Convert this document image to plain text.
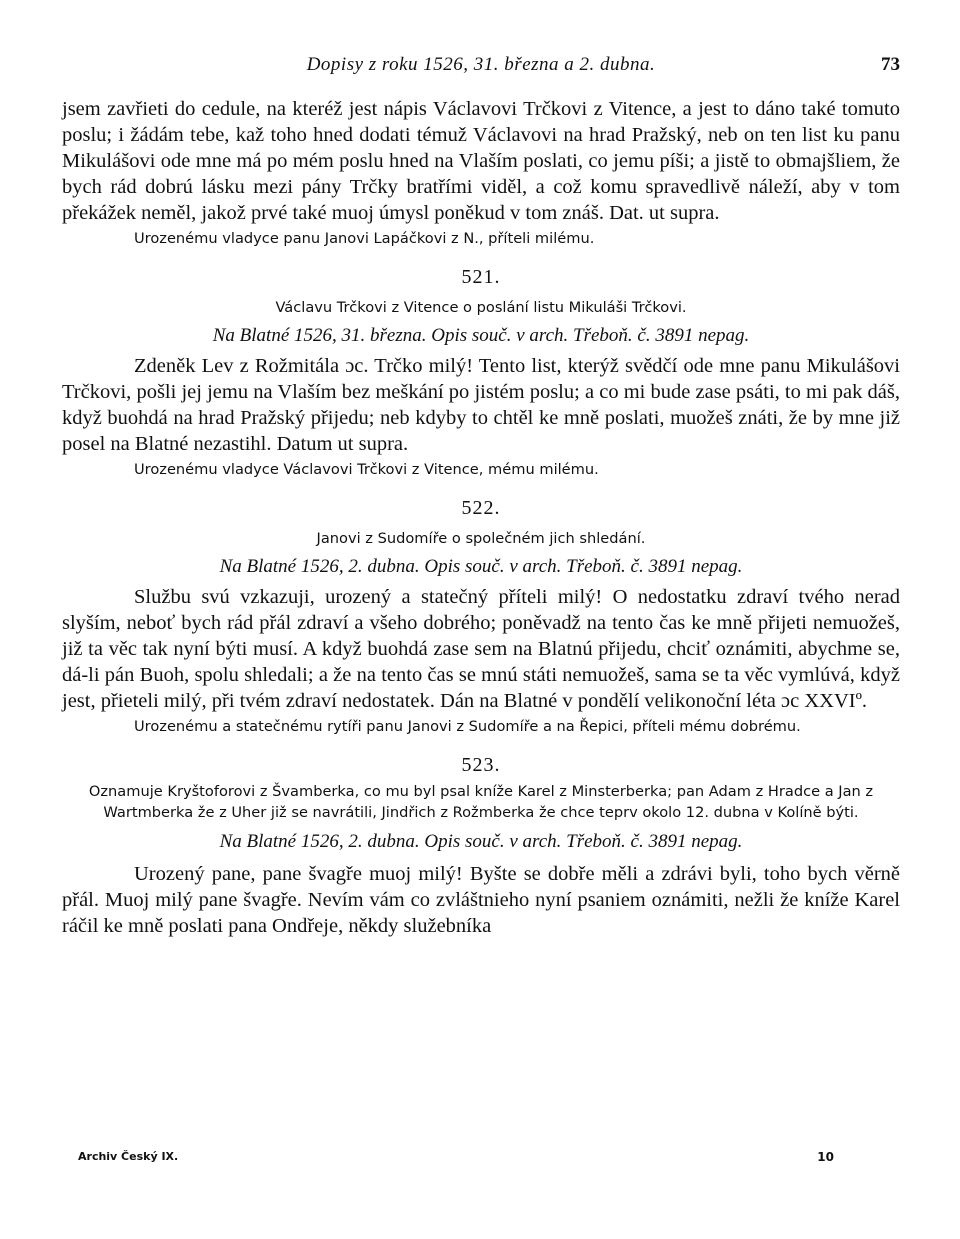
Dopisy z roku 1526, 31. března a 2. dubna.	73

jsem zavřieti do cedule, na kteréž jest nápis Václavovi Trčkovi z Vitence, a jest to dáno také tomuto poslu; i žádám tebe, kaž toho hned dodati témuž Václavovi na hrad Pražský, neb on ten list ku panu Mikulášovi ode mne má po mém poslu hned na Vlaším poslati, co jemu píši; a jistě to obmajšliem, že bych rád dobrú lásku mezi pány Trčky bratřími viděl, a což komu spravedlivě náleží, aby v tom překážek neměl, jakož prvé také muoj úmysl poněkud v tom znáš. Dat. ut supra.

Urozenému vladyce panu Janovi Lapáčkovi z N., příteli milému.

521.

Václavu Trčkovi z Vitence o poslání listu Mikuláši Trčkovi.

Na Blatné 1526, 31. března. Opis souč. v arch. Třeboň. č. 3891 nepag.

Zdeněk Lev z Rožmitála ɔc. Trčko milý! Tento list, kterýž svědčí ode mne panu Mikulášovi Trčkovi, pošli jej jemu na Vlaším bez meškání po jistém poslu; a co mi bude zase psáti, to mi pak dáš, když buohdá na hrad Pražský přijedu; neb kdyby to chtěl ke mně poslati, muožeš znáti, že by mne již posel na Blatné nezastihl. Datum ut supra.

Urozenému vladyce Václavovi Trčkovi z Vitence, mému milému.

522.

Janovi z Sudomíře o společném jich shledání.

Na Blatné 1526, 2. dubna. Opis souč. v arch. Třeboň. č. 3891 nepag.

Službu svú vzkazuji, urozený a statečný příteli milý! O nedostatku zdraví tvého nerad slyším, neboť bych rád přál zdraví a všeho dobrého; poněvadž na tento čas ke mně přijeti nemuožeš, již ta věc tak nyní býti musí. A když buohdá zase sem na Blatnú přijedu, chciť oznámiti, abychme se, dá-li pán Buoh, spolu shledali; a že na tento čas se mnú státi nemuožeš, sama se ta věc vymlúvá, když jest, přieteli milý, při tvém zdraví nedostatek. Dán na Blatné v pondělí velikonoční léta ɔc XXVIº.

Urozenému a statečnému rytíři panu Janovi z Sudomíře a na Řepici, příteli mému dobrému.

523.

Oznamuje Kryštoforovi z Švamberka, co mu byl psal kníže Karel z Minsterberka; pan Adam z Hradce a Jan z Wartmberka že z Uher již se navrátili, Jindřich z Rožmberka že chce teprv okolo 12. dubna v Kolíně býti.

Na Blatné 1526, 2. dubna. Opis souč. v arch. Třeboň. č. 3891 nepag.

Urozený pane, pane švagře muoj milý! Byšte se dobře měli a zdrávi byli, toho bych věrně přál. Muoj milý pane švagře. Nevím vám co zvláštnieho nyní psaniem oznámiti, nežli že kníže Karel ráčil ke mně poslati pana Ondřeje, někdy služebníka

Archiv Český IX.	10
